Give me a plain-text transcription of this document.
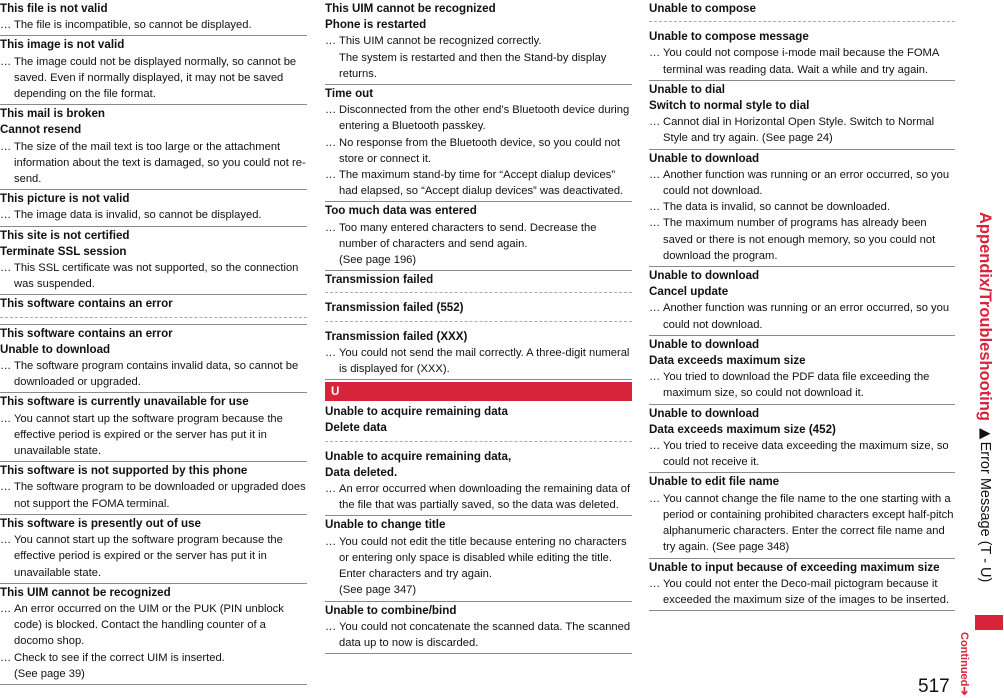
This file is not valid
… The file is incompatible, so cannot be displayed.
This image is not valid
… The image could not be displayed normally, so cannot be saved. Even if normally displayed, it may not be saved depending on the file format.
This mail is broken
Cannot resend
… The size of the mail text is too large or the attachment information about the text is damaged, so you could not re-send.
This picture is not valid
… The image data is invalid, so cannot be displayed.
This site is not certified
Terminate SSL session
… This SSL certificate was not supported, so the connection was suspended.
This software contains an error
This software contains an error
Unable to download
… The software program contains invalid data, so cannot be downloaded or upgraded.
This software is currently unavailable for use
… You cannot start up the software program because the effective period is expired or the server has put it in unavailable state.
This software is not supported by this phone
… The software program to be downloaded or upgraded does not support the FOMA terminal.
This software is presently out of use
… You cannot start up the software program because the effective period is expired or the server has put it in unavailable state.
This UIM cannot be recognized
… An error occurred on the UIM or the PUK (PIN unblock code) is blocked. Contact the handling counter of a docomo shop.
… Check to see if the correct UIM is inserted.
(See page 39)
This UIM cannot be recognized
Phone is restarted
… This UIM cannot be recognized correctly.
The system is restarted and then the Stand-by display returns.
Time out
… Disconnected from the other end’s Bluetooth device during entering a Bluetooth passkey.
… No response from the Bluetooth device, so you could not store or connect it.
… The maximum stand-by time for “Accept dialup devices” had elapsed, so “Accept dialup devices” was deactivated.
Too much data was entered
… Too many entered characters to send. Decrease the number of characters and send again.
(See page 196)
Transmission failed
Transmission failed (552)
Transmission failed (XXX)
… You could not send the mail correctly. A three-digit numeral is displayed for (XXX).
U
Unable to acquire remaining data
Delete data
Unable to acquire remaining data,
Data deleted.
… An error occurred when downloading the remaining data of the file that was partially saved, so the data was deleted.
Unable to change title
… You could not edit the title because entering no characters or entering only space is disabled while editing the title. Enter characters and try again.
(See page 347)
Unable to combine/bind
… You could not concatenate the scanned data. The scanned data up to now is discarded.
Unable to compose
Unable to compose message
… You could not compose i-mode mail because the FOMA terminal was reading data. Wait a while and try again.
Unable to dial
Switch to normal style to dial
… Cannot dial in Horizontal Open Style. Switch to Normal Style and try again. (See page 24)
Unable to download
… Another function was running or an error occurred, so you could not download.
… The data is invalid, so cannot be downloaded.
… The maximum number of programs has already been saved or there is not enough memory, so you could not download the program.
Unable to download
Cancel update
… Another function was running or an error occurred, so you could not download.
Unable to download
Data exceeds maximum size
… You tried to download the PDF data file exceeding the maximum size, so could not download it.
Unable to download
Data exceeds maximum size (452)
… You tried to receive data exceeding the maximum size, so could not receive it.
Unable to edit file name
… You cannot change the file name to the one starting with a period or containing prohibited characters except half-pitch alphanumeric characters. Enter the correct file name and try again. (See page 348)
Unable to input because of exceeding maximum size
… You could not enter the Deco-mail pictogram because it exceeded the maximum size of the images to be inserted.
Appendix/Troubleshooting ▶Error Message (T - U)
Continued➔
517
